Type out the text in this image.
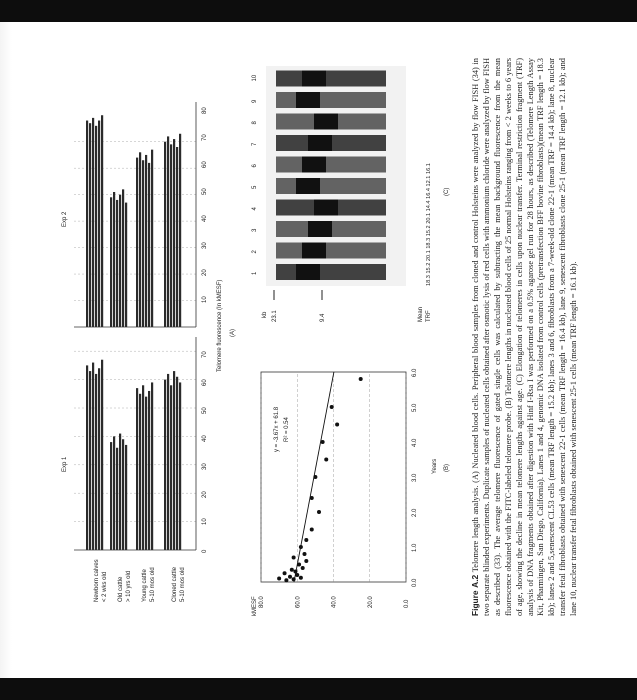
Newborn calves < 2 wks old Old cattle > 10 yrs old Young cattle 5-10 mos old	Cloned cattle 5-10 mos old
Exp 1
Exp 2
0
10
20
30
40
50
60
70
10
20
30
40
50
60
70
80
Telomere fluorescence (In kMESF) (A)
kMESF 80.0	60.0	40.0	20.0	0.0
0.0
1.0
2.0
3.0
4.0
5.0
6.0
y = -3.67x + 61.8 R² = 0.54
Years (B)
kb 23.1	9.4
1
2
3
4
5
6
7
8
9
10
Mean TRF
18.3 15.2 20.1 18.3 15.2 20.1 14.4 16.4 12.1 16.1 (C)
Figure A.2 Telomere length analysis. (A) Nucleated blood cells. Peripheral blood samples from cloned and control Holsteins were analyzed by flow FISH (34) in two separate blinded experiments. Duplicate samples of nucleated cells obtained after osmotic lysis of red cells with ammonium chloride were analyzed by flow FISH as described (33). The average telomere fluorescence of gated single cells was calculated by subtracting the mean background fluorescence from the mean fluorescence obtained with the FITC-labeled telomere probe. (B) Telomere lengths in nucleated blood cells of 25 normal Holsteins ranging from < 2 weeks to 6 years of age, showing the decline in mean telomere lengths against age. (C) Elongation of telomeres in cells upon nuclear transfer. Terminal restriction fragment (TRF) analysis of DNA fragments obtained after digestion with Hinf I-Rsa I was performed on a 0.5% agarose gel run for 28 hours, as described (Telomere Length Assay Kit, Pharmingen, San Diego, California). Lanes 1 and 4, genomic DNA isolated from control cells (pretransfection BFF bovine fibroblasts)(mean TRF length = 18.3 kb); lanes 2 and 5,senescent CL53 cells (mean TRF length = 15.2 kb); lanes 3 and 6, fibroblasts from a 7-week-old clone 22-1 (mean TRF = 14.4 kb); lane 8, nuclear transfer fetal fibroblasts obtained with senescent 22-1 cells (mean TRF length = 16.4 kb), lane 9, senescent fibroblasts clone 25-1 (mean TRF length = 12.1 kb); and lane 10, nuclear transfer fetal fibroblasts obtained with senescent 25-1 cells (mean TRF length = 16.1 kb).
